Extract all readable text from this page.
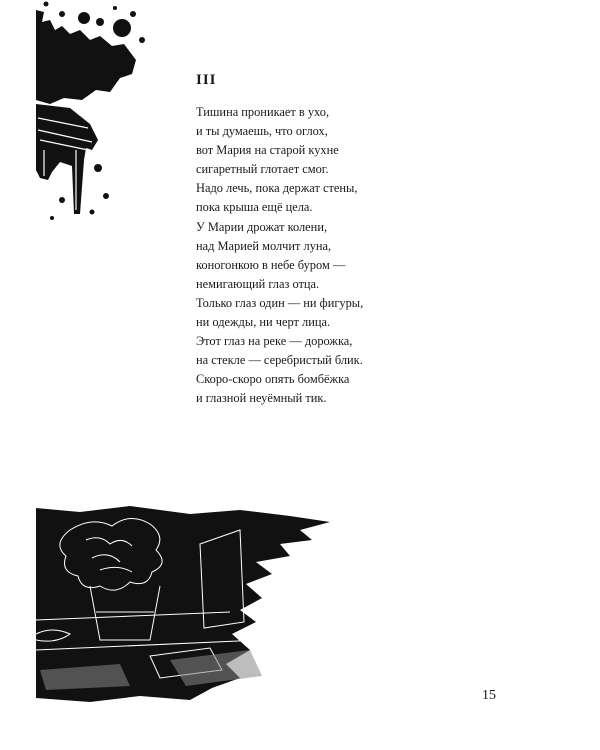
III
Тишина проникает в ухо,
и ты думаешь, что оглох,
вот Мария на старой кухне
сигаретный глотает смог.
Надо лечь, пока держат стены,
пока крыша ещё цела.
У Марии дрожат колени,
над Марией молчит луна,
коногонкою в небе буром —
немигающий глаз отца.
Только глаз один — ни фигуры,
ни одежды, ни черт лица.
Этот глаз на реке — дорожка,
на стекле — серебристый блик.
Скоро-скоро опять бомбёжка
и глазной неуёмный тик.
15
